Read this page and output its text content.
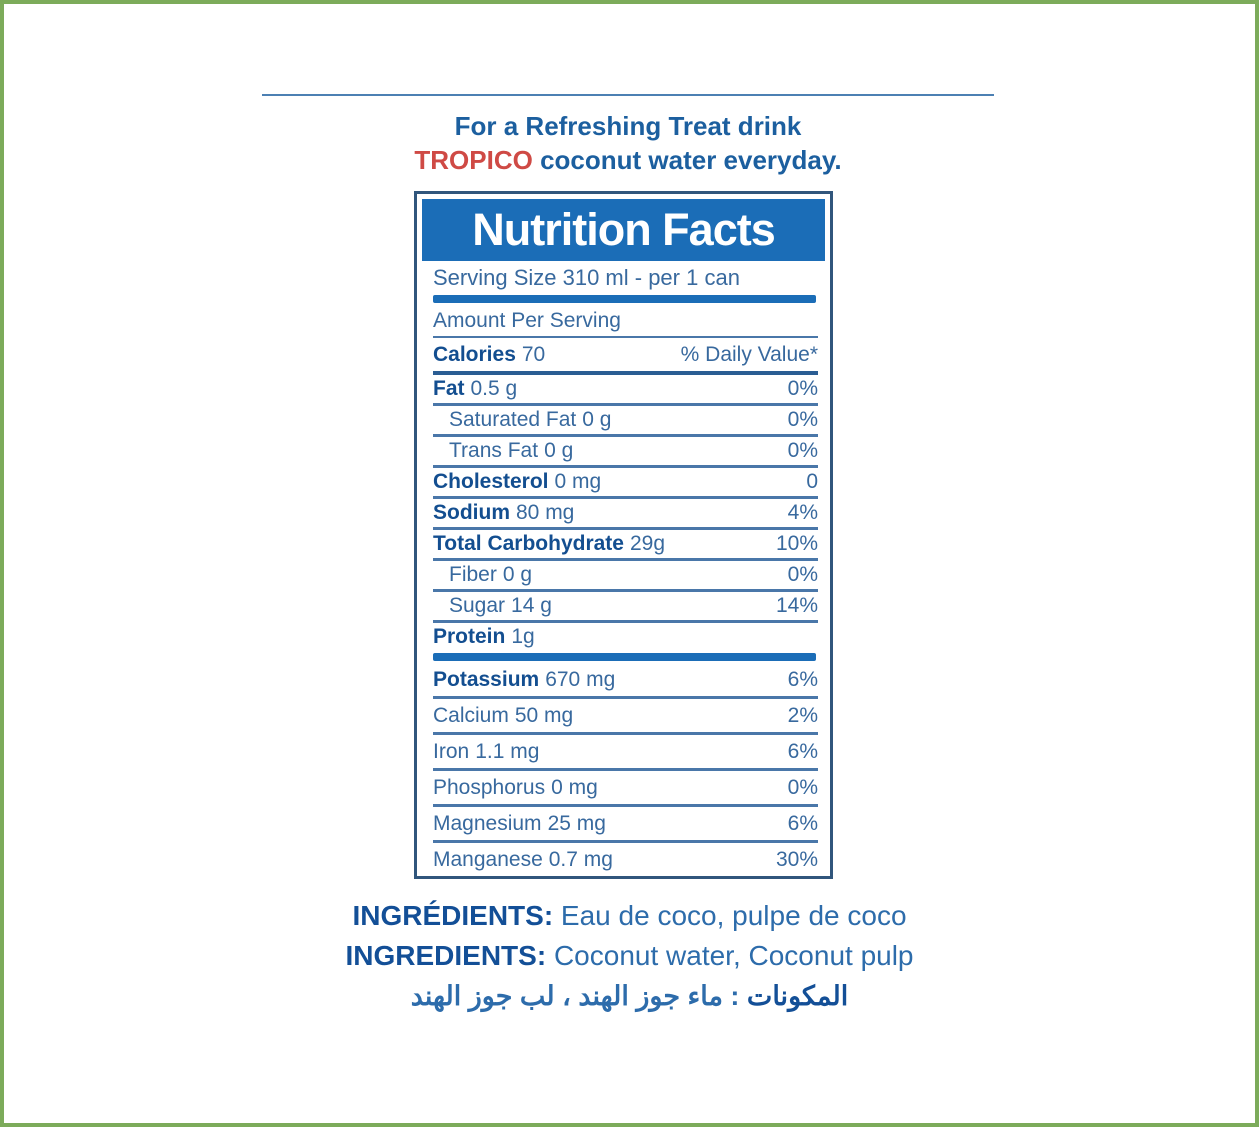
For a Refreshing Treat drink
TROPICO coconut water everyday.
Nutrition Facts
Serving Size 310 ml - per 1 can
Amount Per Serving
Calories 70	% Daily Value*
Fat 0.5 g	0%
Saturated Fat 0 g	0%
Trans Fat 0 g	0%
Cholesterol 0 mg	0
Sodium 80 mg	4%
Total Carbohydrate 29g	10%
Fiber 0 g	0%
Sugar 14 g	14%
Protein 1g
Potassium 670 mg	6%
Calcium 50 mg	2%
Iron 1.1 mg	6%
Phosphorus 0 mg	0%
Magnesium 25 mg	6%
Manganese 0.7 mg	30%
INGRÉDIENTS: Eau de coco, pulpe de coco
INGREDIENTS: Coconut water, Coconut pulp
المكونات : ماء جوز الهند ، لب جوز الهند
